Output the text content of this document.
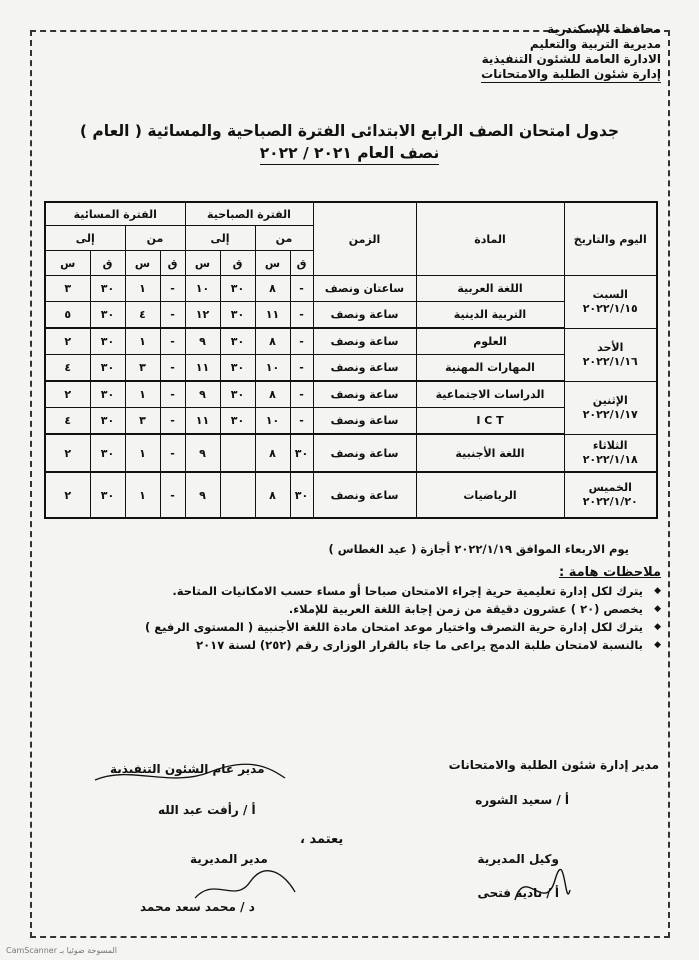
محافظة الإسكندرية
مديرية التربية والتعليم
الادارة العامة للشئون التنفيذية
إدارة شئون الطلبة والامتحانات
جدول امتحان الصف الرابع الابتدائى الفترة الصباحية والمسائية ( العام )
نصف العام ٢٠٢١ / ٢٠٢٢
اليوم والتاريخ	المادة	الزمن	الفترة الصباحية				الفترة المسائية			
			من		إلى		من		إلى	
			ق	س	ق	س	ق	س	ق	س

السبت
٢٠٢٢/١/١٥	اللغة العربية	ساعتان ونصف	-	٨	٣٠	١٠	-	١	٣٠	٣
	التربية الدينية	ساعة ونصف	-	١١	٣٠	١٢	-	٤	٣٠	٥

الأحد
٢٠٢٢/١/١٦	العلوم	ساعة ونصف	-	٨	٣٠	٩	-	١	٣٠	٢
	المهارات المهنية	ساعة ونصف	-	١٠	٣٠	١١	-	٣	٣٠	٤

الإثنين
٢٠٢٢/١/١٧	الدراسات الاجتماعية	ساعة ونصف	-	٨	٣٠	٩	-	١	٣٠	٢
	I C T	ساعة ونصف	-	١٠	٣٠	١١	-	٣	٣٠	٤

الثلاثاء
٢٠٢٢/١/١٨	اللغة الأجنبية	ساعة ونصف	٣٠	٨		٩	-	١	٣٠	٢

الخميس
٢٠٢٢/١/٢٠	الرياضيات	ساعة ونصف	٣٠	٨		٩	-	١	٣٠	٢
يوم الاربعاء الموافق ٢٠٢٢/١/١٩ أجازة ( عيد الغطاس )
ملاحظات هامة :
◆ يترك لكل إدارة تعليمية حرية إجراء الامتحان صباحا أو مساء حسب الامكانيات المتاحة.
◆ يخصص (٢٠ ) عشرون دقيقة من زمن إجابة اللغة العربية للإملاء.
◆ يترك لكل إدارة حرية التصرف واختيار موعد امتحان مادة اللغة الأجنبية ( المستوى الرفيع )
◆ بالنسبة لامتحان طلبة الدمج يراعى ما جاء بالقرار الوزارى رقم (٢٥٢) لسنة ٢٠١٧
مدير إدارة شئون الطلبة والامتحانات
أ / سعيد الشوره
مدير عام الشئون التنفيذية
أ / رأفت عبد الله
يعتمد ،
وكيل المديرية
أ / نادية فتحى
مدير المديرية
د / محمد سعد محمد
CamScanner المسوحة ضوئيا بـ
